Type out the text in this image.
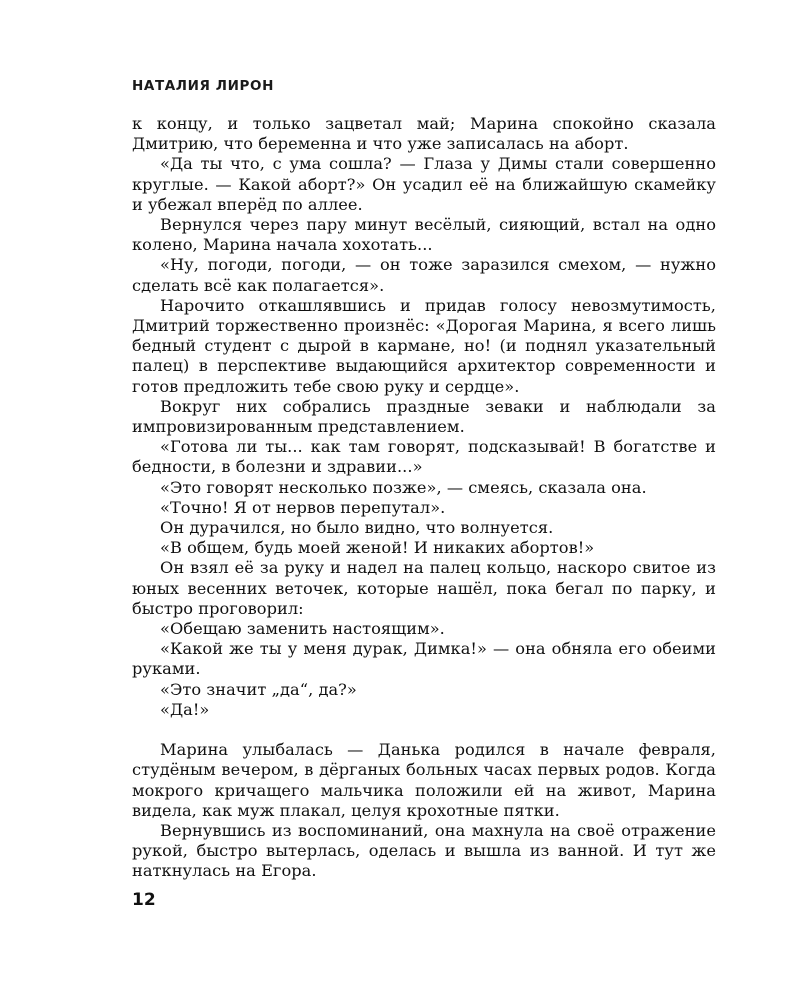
НАТАЛИЯ ЛИРОН

к концу, и только зацветал май; Марина спокойно сказала Дмитрию, что беременна и что уже записалась на аборт.

«Да ты что, с ума сошла? — Глаза у Димы стали совершенно круглые. — Какой аборт?» Он усадил её на ближайшую скамейку и убежал вперёд по аллее.

Вернулся через пару минут весёлый, сияющий, встал на одно колено, Марина начала хохотать...

«Ну, погоди, погоди, — он тоже заразился смехом, — нужно сделать всё как полагается».

Нарочито откашлявшись и придав голосу невозмутимость, Дмитрий торжественно произнёс: «Дорогая Марина, я всего лишь бедный студент с дырой в кармане, но! (и поднял указательный палец) в перспективе выдающийся архитектор современности и готов предложить тебе свою руку и сердце».

Вокруг них собрались праздные зеваки и наблюдали за импровизированным представлением.

«Готова ли ты... как там говорят, подсказывай! В богатстве и бедности, в болезни и здравии...»

«Это говорят несколько позже», — смеясь, сказала она.

«Точно! Я от нервов перепутал».

Он дурачился, но было видно, что волнуется.

«В общем, будь моей женой! И никаких абортов!»

Он взял её за руку и надел на палец кольцо, наскоро свитое из юных весенних веточек, которые нашёл, пока бегал по парку, и быстро проговорил:

«Обещаю заменить настоящим».

«Какой же ты у меня дурак, Димка!» — она обняла его обеими руками.

«Это значит „да“, да?»

«Да!»

Марина улыбалась — Данька родился в начале февраля, студёным вечером, в дёрганых больных часах первых родов. Когда мокрого кричащего мальчика положили ей на живот, Марина видела, как муж плакал, целуя крохотные пятки.

Вернувшись из воспоминаний, она махнула на своё отражение рукой, быстро вытерлась, оделась и вышла из ванной. И тут же наткнулась на Егора.

12
